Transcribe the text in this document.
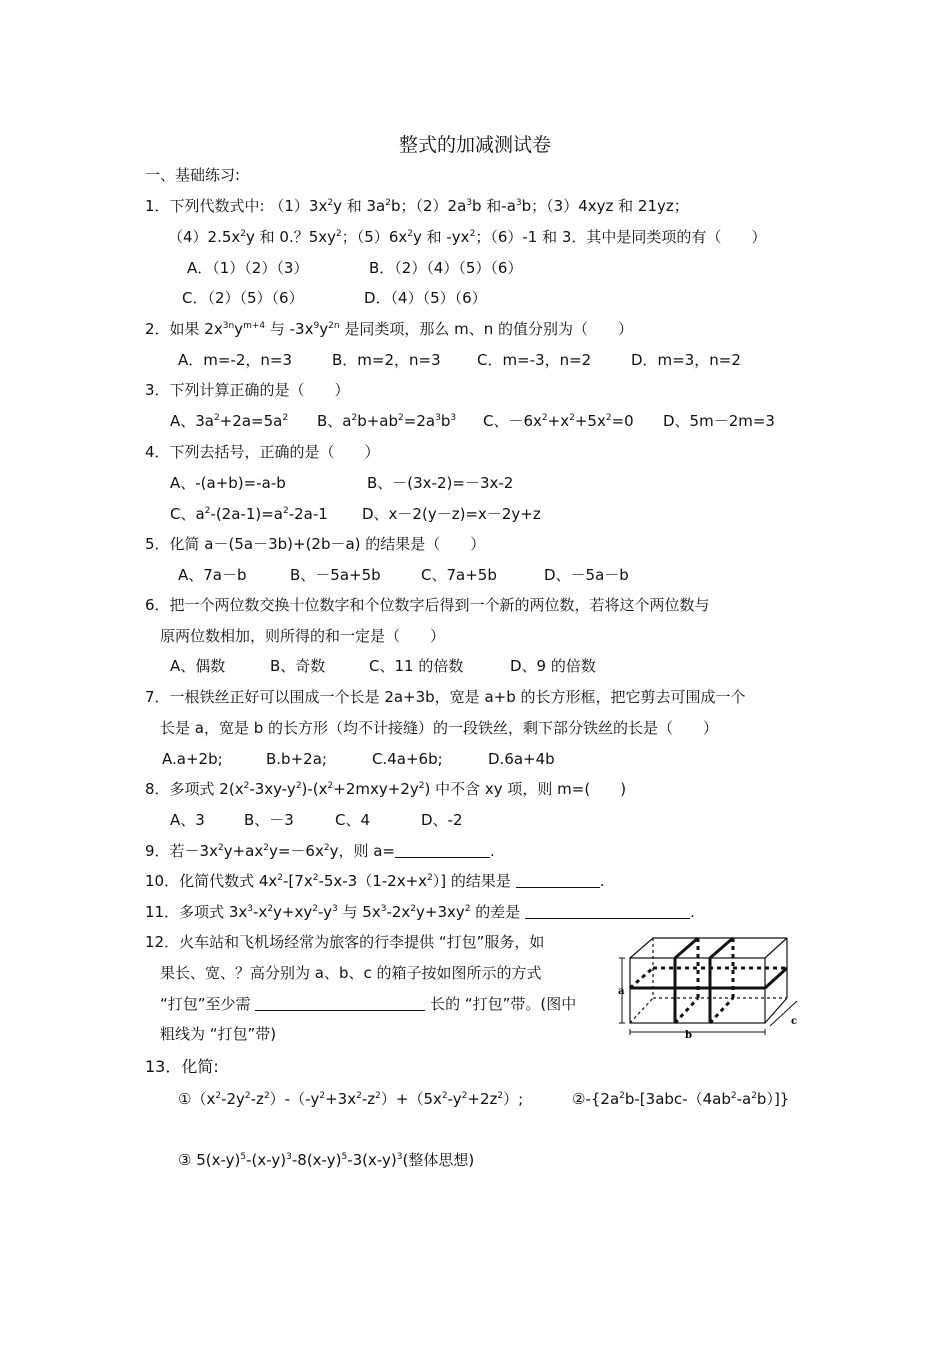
整式的加减测试卷
一、基础练习:
1．下列代数式中: $(1)3x^2y$ 和 $3a^2b$；$(2)2a^3b$ 和$-a^3b$；（3）4xyz 和 21yz；
$(4)2.5x^2y$ 和 0.？$5xy^2$；$(5)6x^2y$ 和 $-yx^2$；（6）-1 和 3．其中是同类项的有（　　）
A．（1）（2）（3）	B．（2）（4）（5）（6）
C．（2）（5）（6）	D．（4）（5）（6）
2．如果 $2x^{3n}y^{m+4}$ 与 $-3x^9y^{2n}$ 是同类项，那么 m、n 的值分别为（　　）
A．m=-2，n=3	B．m=2，n=3 C．m=-3，n=2	D．m=3，n=2
3．下列计算正确的是（　　）
A、$3a^2+2a=5a^2$ B、$a^2b+ab^2=2a^3b^3$ C、$-6x^2+x^2+5x^2=0$ D、5m－2m=3
4．下列去括号，正确的是（　　）
A、-(a+b)=-a-b	B、－(3x-2)=－3x-2
C、$a^2-(2a-1)=a^2-2a-1$ D、x－2(y－z)=x－2y+z
5．化简 a－(5a－3b)+(2b－a) 的结果是（　　）
A、7a－b	B、－5a+5b	C、7a+5b	D、－5a－b
6．把一个两位数交换十位数字和个位数字后得到一个新的两位数，若将这个两位数与
原两位数相加，则所得的和一定是（　　）
A、偶数	B、奇数	C、11 的倍数	D、9 的倍数
7．一根铁丝正好可以围成一个长是 2a+3b，宽是 a+b 的长方形框，把它剪去可围成一个
长是 a，宽是 b 的长方形（均不计接缝）的一段铁丝，剩下部分铁丝的长是（　　）
A.a+2b;	B.b+2a;	C.4a+6b;	D.6a+4b
8．多项式 $2(x^2-3xy-y^2)-(x^2+2mxy+2y^2)$ 中不含 xy 项，则 m=(　　)
A、3	B、－3	C、4	D、-2
9．若$-3x^2y+ax^2y=-6x^2y$，则 a=	.
10．化简代数式 $4x^2-[7x^2-5x-3(1-2x+x^2)]$ 的结果是	.
11．多项式 $3x^3-x^2y+xy^2-y^3$ 与 $5x^3-2x^2y+3xy^2$ 的差是	.
12．火车站和飞机场经常为旅客的行李提供 “打包”服务，如
果长、宽、？高分别为 a、b、c 的箱子按如图所示的方式
“打包”至少需	长的 “打包”带。(图中
粗线为 “打包”带)
a
b
c
13．化简:
$①(x^2-2y^2-z^2)-(-y^2+3x^2-z^2)+(5x^2-y^2+2z^2)$;	$②-\{2a^2b-[3abc-(4ab^2-a^2b)]\}$
③ $5(x-y)^5-(x-y)^3-8(x-y)^5-3(x-y)^3$(整体思想)
